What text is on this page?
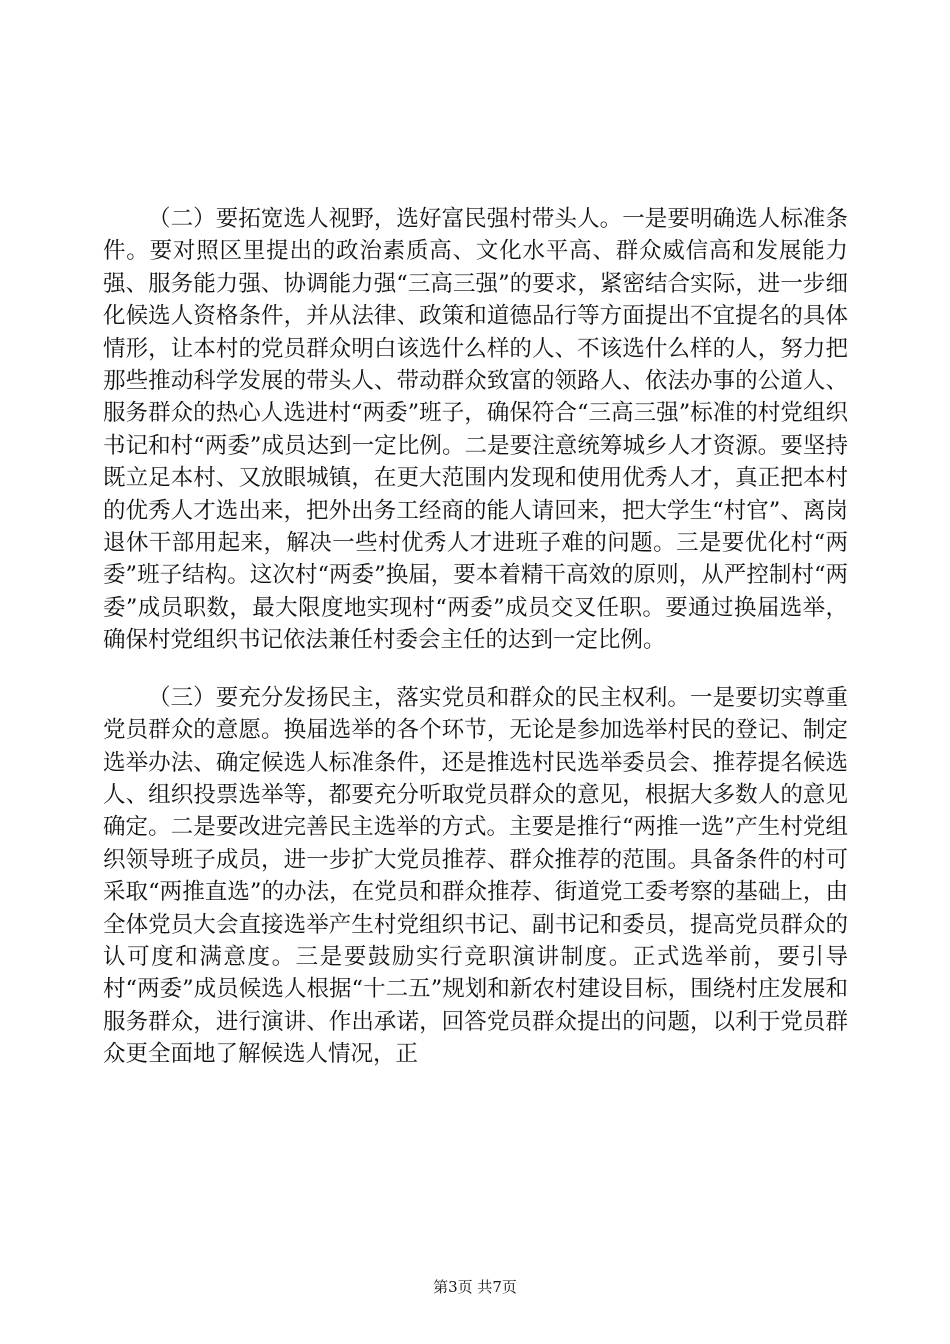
（二）要拓宽选人视野，选好富民强村带头人。一是要明确选人标准条件。要对照区里提出的政治素质高、文化水平高、群众威信高和发展能力强、服务能力强、协调能力强“三高三强”的要求，紧密结合实际，进一步细化候选人资格条件，并从法律、政策和道德品行等方面提出不宜提名的具体情形，让本村的党员群众明白该选什么样的人、不该选什么样的人，努力把那些推动科学发展的带头人、带动群众致富的领路人、依法办事的公道人、服务群众的热心人选进村“两委”班子，确保符合“三高三强”标准的村党组织书记和村“两委”成员达到一定比例。二是要注意统筹城乡人才资源。要坚持既立足本村、又放眼城镇，在更大范围内发现和使用优秀人才，真正把本村的优秀人才选出来，把外出务工经商的能人请回来，把大学生“村官”、离岗退休干部用起来，解决一些村优秀人才进班子难的问题。三是要优化村“两委”班子结构。这次村“两委”换届，要本着精干高效的原则，从严控制村“两委”成员职数，最大限度地实现村“两委”成员交叉任职。要通过换届选举，确保村党组织书记依法兼任村委会主任的达到一定比例。

（三）要充分发扬民主，落实党员和群众的民主权利。一是要切实尊重党员群众的意愿。换届选举的各个环节，无论是参加选举村民的登记、制定选举办法、确定候选人标准条件，还是推选村民选举委员会、推荐提名候选人、组织投票选举等，都要充分听取党员群众的意见，根据大多数人的意见确定。二是要改进完善民主选举的方式。主要是推行“两推一选”产生村党组织领导班子成员，进一步扩大党员推荐、群众推荐的范围。具备条件的村可采取“两推直选”的办法，在党员和群众推荐、街道党工委考察的基础上，由全体党员大会直接选举产生村党组织书记、副书记和委员，提高党员群众的认可度和满意度。三是要鼓励实行竞职演讲制度。正式选举前，要引导村“两委”成员候选人根据“十二五”规划和新农村建设目标，围绕村庄发展和服务群众，进行演讲、作出承诺，回答党员群众提出的问题，以利于党员群众更全面地了解候选人情况，正

第3页 共7页
